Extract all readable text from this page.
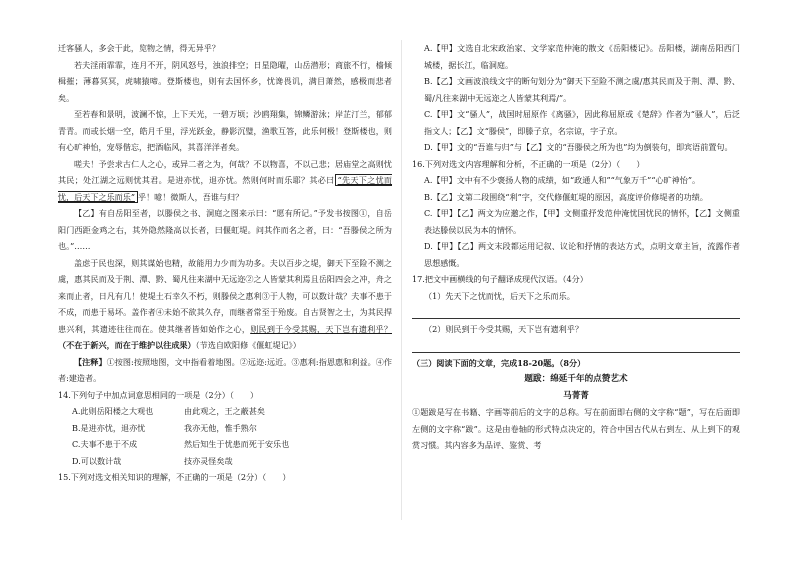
迁客骚人，多会于此，览物之情，得无异乎？

若夫淫雨霏霏，连月不开，阴风怒号，浊浪排空；日星隐曜，山岳潜形；商旅不行，樯倾楫摧；薄暮冥冥，虎啸猿啼。登斯楼也，则有去国怀乡，忧谗畏讥，满目萧然，感极而悲者矣。

至若春和景明，波澜不惊，上下天光，一碧万顷；沙鸥翔集，锦鳞游泳；岸芷汀兰，郁郁青青。而或长烟一空，皓月千里，浮光跃金，静影沉璧，渔歌互答，此乐何极！登斯楼也，则有心旷神怡，宠辱偕忘，把酒临风，其喜洋洋者矣。

嗟夫！予尝求古仁人之心，或异二者之为，何哉？不以物喜，不以己悲；居庙堂之高则忧其民；处江湖之远则忧其君。是进亦忧，退亦忧。然则何时而乐耶？其必曰 “先天下之忧而忧，后天下之乐而乐” 乎！噫！微斯人，吾谁与归？

【乙】有自岳阳至者，以滕侯之书、洞庭之图来示曰：“愿有所记。”予发书按图①，自岳阳门西距金鸡之右，其外隐然隆高以长者，曰偃虹堤。问其作而名之者，曰：“吾滕侯之所为也。”……

盖虑于民也深，则其谋始也精，故能用力少而为功多。夫以百步之堤，御天下至险不测之虞，惠其民而及于荆、潭、黔、蜀凡往来湖中无远迩②之人皆蒙其利焉且岳阳四会之冲，舟之来而止者，日凡有几！使堤土石幸久不朽，则滕侯之惠利③于人物，可以数计哉？夫事不患于不成，而患于易坏。盖作者④未始不欲其久存，而继者常至于殆废。自古贤智之士，为其民捍患兴利，其遗迹往往而在。使其继者皆如始作之心，则民到于今受其赐，天下岂有遗利乎？（不在于新兴，而在于维护以往成果）（节选自欧阳修《偃虹堤记》）

【注释】①按图:按照地图，文中指看着地图。②远迩:远近。③惠利:指恩惠和利益。④作者:建造者。

14.下列句子中加点词意思相同的一项是（2分）（　　）

A.此则岳阳楼之大观也	由此观之，王之蔽甚矣
B.是进亦忧，退亦忧	我亦无他，惟手熟尔
C.夫事不患于不成	然后知生于忧患而死于安乐也
D.可以数计哉	技亦灵怪矣哉

15.下列对选文相关知识的理解，不正确的一项是（2分）（　　）

A.【甲】文选自北宋政治家、文学家范仲淹的散文《岳阳楼记》。岳阳楼，湖南岳阳西门城楼，据长江，临洞庭。

B.【乙】文画波浪线文字的断句划分为“御天下至险不测之虞/惠其民而及于荆、潭、黔、蜀/凡往来湖中无远迩之人皆蒙其利焉/”。

C.【甲】文“骚人”，战国时屈原作《离骚》，因此称屈原或《楚辞》作者为“骚人”，后泛指文人；【乙】文“滕侯”，即滕子京，名宗谅，字子京。

D.【甲】文的“吾谁与归”与【乙】文的“吾滕侯之所为也”均为倒装句，即宾语前置句。

16.下列对选文内容理解和分析，不正确的一项是（2分）（　　）

A.【甲】文中有不少褒扬人物的成绩，如“政通人和”“气象万千”“心旷神怡”。

B.【乙】文第二段围绕“利”字，交代修偃虹堤的原因，高度评价修堤者的功绩。

C.【甲】【乙】两文为应邀之作，【甲】文侧重抒发范仲淹忧国忧民的情怀，【乙】文侧重表达滕侯以民为本的情怀。

D.【甲】【乙】两文末段都运用记叙、议论和抒情的表达方式，点明文章主旨，流露作者思想感慨。

17.把文中画横线的句子翻译成现代汉语。（4分）

（1）先天下之忧而忧，后天下之乐而乐。

（2）则民到于今受其赐，天下岂有遗利乎？

（三）阅读下面的文章，完成18-20题。（8分）

题跋：绵延千年的点赞艺术

马菁菁

①题跋是写在书籍、字画等前后的文字的总称。写在前面即右侧的文字称“题”，写在后面即左侧的文字称“跋”。这是由卷轴的形式特点决定的，符合中国古代从右到左、从上到下的观赏习惯。其内容多为品评、鉴赏、考
